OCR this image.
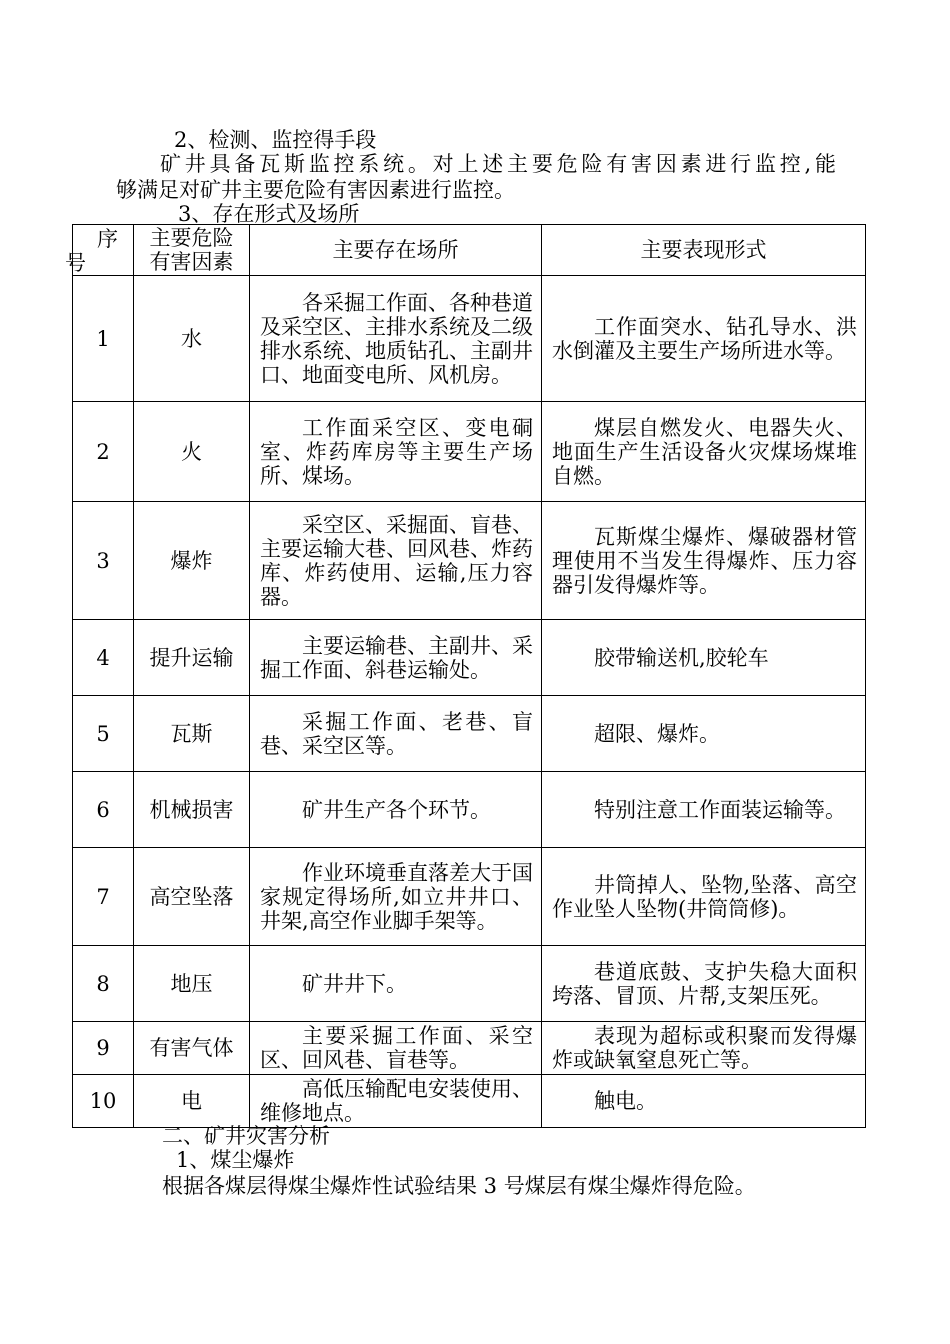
2、检测、监控得手段
矿井具备瓦斯监控系统。对上述主要危险有害因素进行监控,能
够满足对矿井主要危险有害因素进行监控。
3、存在形式及场所
序
号	主要危险有害因素	主要存在场所	主要表现形式
1	水	各采掘工作面、各种巷道及采空区、主排水系统及二级排水系统、地质钻孔、主副井口、地面变电所、风机房。	工作面突水、钻孔导水、洪水倒灌及主要生产场所进水等。

2	火	工作面采空区、变电硐室、炸药库房等主要生产场所、煤场。	煤层自燃发火、电器失火、地面生产生活设备火灾煤场煤堆自燃。

3	爆炸	采空区、采掘面、盲巷、主要运输大巷、回风巷、炸药库、炸药使用、运输,压力容器。	瓦斯煤尘爆炸、爆破器材管理使用不当发生得爆炸、压力容器引发得爆炸等。

4	提升运输	主要运输巷、主副井、采掘工作面、斜巷运输处。	胶带输送机,胶轮车

5	瓦斯	采掘工作面、老巷、盲巷、采空区等。	超限、爆炸。

6	机械损害	矿井生产各个环节。	特别注意工作面装运输等。

7	高空坠落	作业环境垂直落差大于国家规定得场所,如立井井口、井架,高空作业脚手架等。	井筒掉人、坠物,坠落、高空作业坠人坠物(井筒筒修)。

8	地压	矿井井下。	巷道底鼓、支护失稳大面积垮落、冒顶、片帮,支架压死。

9	有害气体	主要采掘工作面、采空区、回风巷、盲巷等。	表现为超标或积聚而发得爆炸或缺氧窒息死亡等。

10	电	高低压输配电安装使用、维修地点。	触电。
二、矿井灾害分析
1、煤尘爆炸
根据各煤层得煤尘爆炸性试验结果 3 号煤层有煤尘爆炸得危险。
